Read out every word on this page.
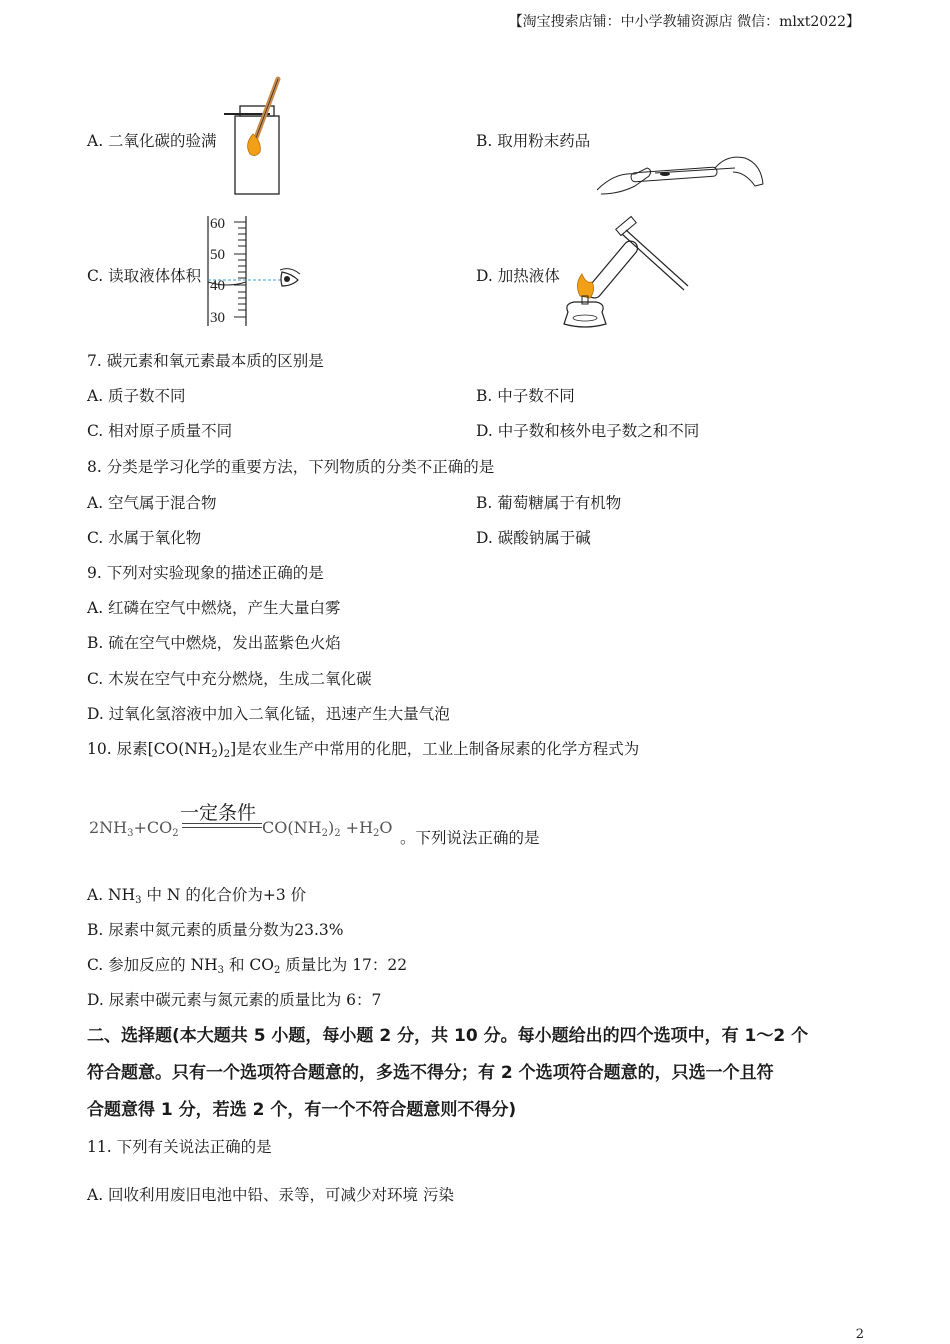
【淘宝搜索店铺：中小学教辅资源店 微信：mlxt2022】
A. 二氧化碳的验满	B. 取用粉末药品
C. 读取液体体积
60
50
40
30
D. 加热液体
7. 碳元素和氧元素最本质的区别是
A. 质子数不同	B. 中子数不同
C. 相对原子质量不同	D. 中子数和核外电子数之和不同
8. 分类是学习化学的重要方法，下列物质的分类不正确的是
A. 空气属于混合物	B. 葡萄糖属于有机物
C. 水属于氧化物	D. 碳酸钠属于碱
9. 下列对实验现象的描述正确的是
A. 红磷在空气中燃烧，产生大量白雾
B. 硫在空气中燃烧，发出蓝紫色火焰
C. 木炭在空气中充分燃烧，生成二氧化碳
D. 过氧化氢溶液中加入二氧化锰，迅速产生大量气泡
10. 尿素$[CO(NH_2)_2]$是农业生产中常用的化肥，工业上制备尿素的化学方程式为
一定条件
$2NH_3+CO_2$	$CO(NH_2)_2 +H_2O$
。下列说法正确的是
A. $NH_3$ 中 N 的化合价为+3 价
B. 尿素中氮元素的质量分数为23.3%
C. 参加反应的 $NH_3$ 和 $CO_2$ 质量比为 17：22
D. 尿素中碳元素与氮元素的质量比为 6：7
二、选择题(本大题共 5 小题，每小题 2 分，共 10 分。每小题给出的四个选项中，有 1～2 个
符合题意。只有一个选项符合题意的，多选不得分；有 2 个选项符合题意的，只选一个且符
合题意得 1 分，若选 2 个，有一个不符合题意则不得分)
11. 下列有关说法正确的是
A. 回收利用废旧电池中铅、汞等，可减少对环境 污染
2
